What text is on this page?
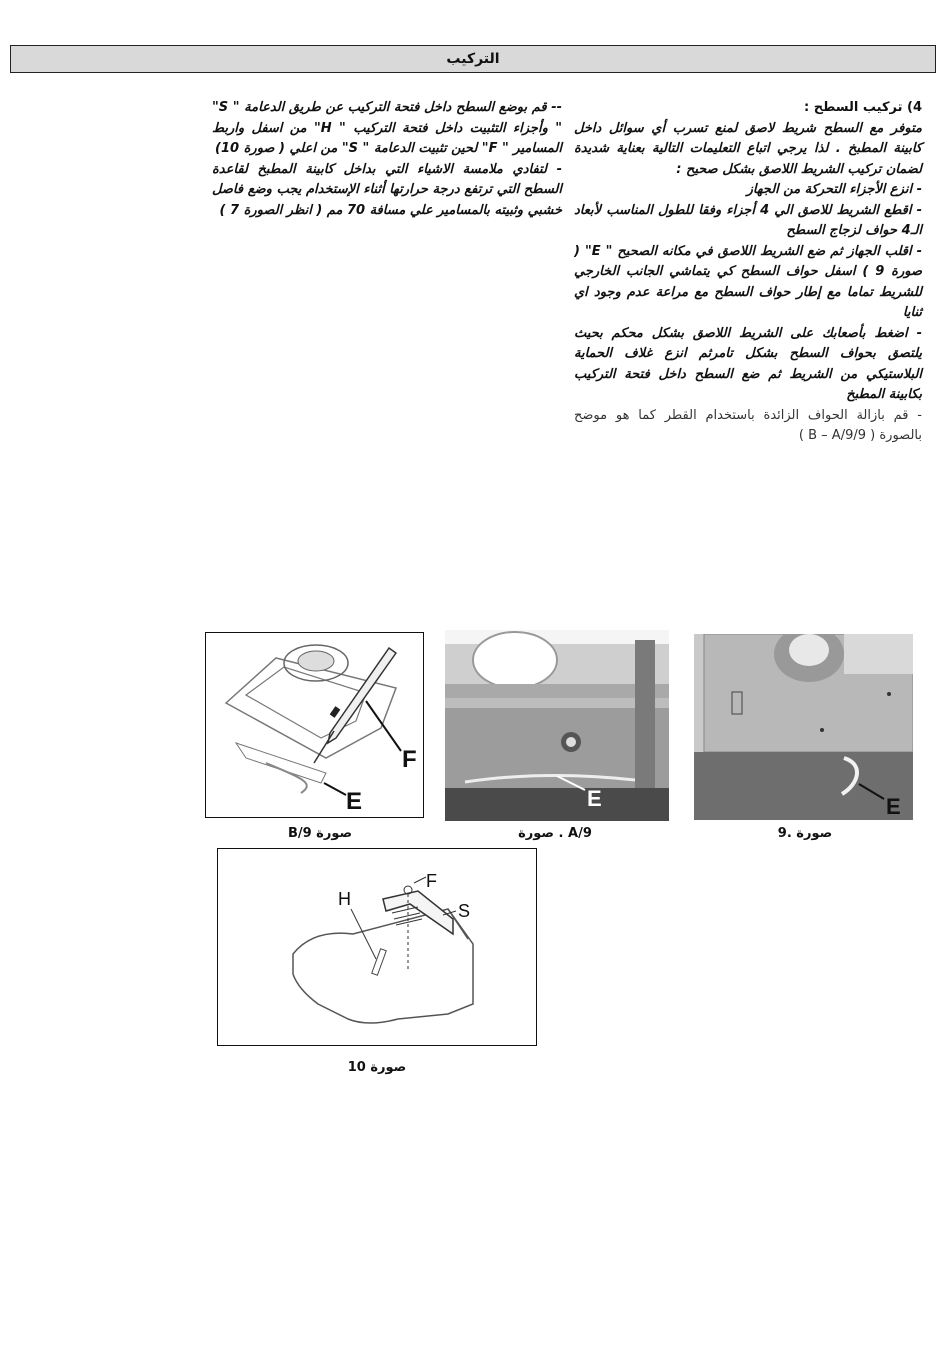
التركيب

4) تركيب السطح :

متوفر مع السطح شريط لاصق لمنع تسرب أي سوائل داخل كابينة المطبخ . لذا يرجي اتباع التعليمات التالية بعناية شديدة لضمان تركيب الشريط اللاصق بشكل صحيح :

- انزع الأجزاء التحركة من الجهاز

- اقطع الشريط للاصق الي 4 أجزاء وفقا للطول المناسب لأبعاد الـ4 حواف لزجاج السطح

- اقلب الجهاز ثم ضع الشريط اللاصق في مكانه الصحيح " E" ( صورة 9 ) اسفل حواف السطح كي يتماشي الجانب الخارجي للشريط تماما مع إطار حواف السطح مع مراعة عدم وجود اي ثنايا

- اضغط بأصعابك على الشريط اللاصق بشكل محكم بحيث يلتصق بحواف السطح بشكل تامرثم انزع غلاف الحماية البلاستيكي من الشريط ثم ضع السطح داخل فتحة التركيب بكابينة المطبخ

- قم بازالة الحواف الزائدة باستخدام القطر كما هو موضح بالصورة ( 9/B – A/9 )

-- قم بوضع السطح داخل فتحة التركيب عن طريق الدعامة " S" " وأجزاء التثبيت داخل فتحة التركيب " H" من اسفل واربط المسامير " F" لحين تثبيت الدعامة " S" من اعلي ( صورة 10)

- لتفادي ملامسة الاشياء التي بداخل كابينة المطبخ لقاعدة السطح التي ترتفع درجة حرارتها أثناء الإستخدام يجب وضع فاصل خشبي وثبيته بالمسامير علي مسافة 70 مم ( انظر الصورة 7 )

F
E
صورة B/9
E
9/A . صورة
E
صورة .9
F
H
S
صورة 10
